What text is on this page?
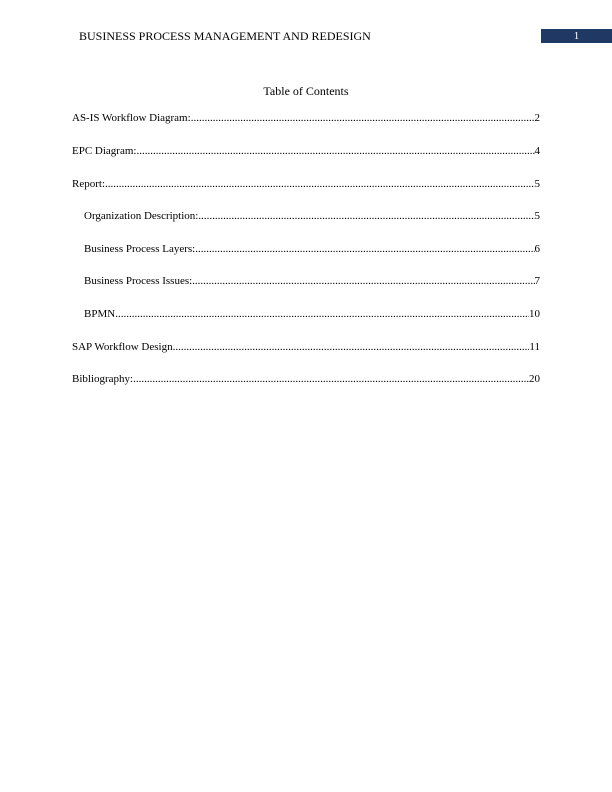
BUSINESS PROCESS MANAGEMENT AND REDESIGN	1
Table of Contents
AS-IS Workflow Diagram: .....	2
EPC Diagram: .....	4
Report: .....	5
Organization Description: .....	5
Business Process Layers: .....	6
Business Process Issues: .....	7
BPMN .....	10
SAP Workflow Design .....	11
Bibliography: .....	20
